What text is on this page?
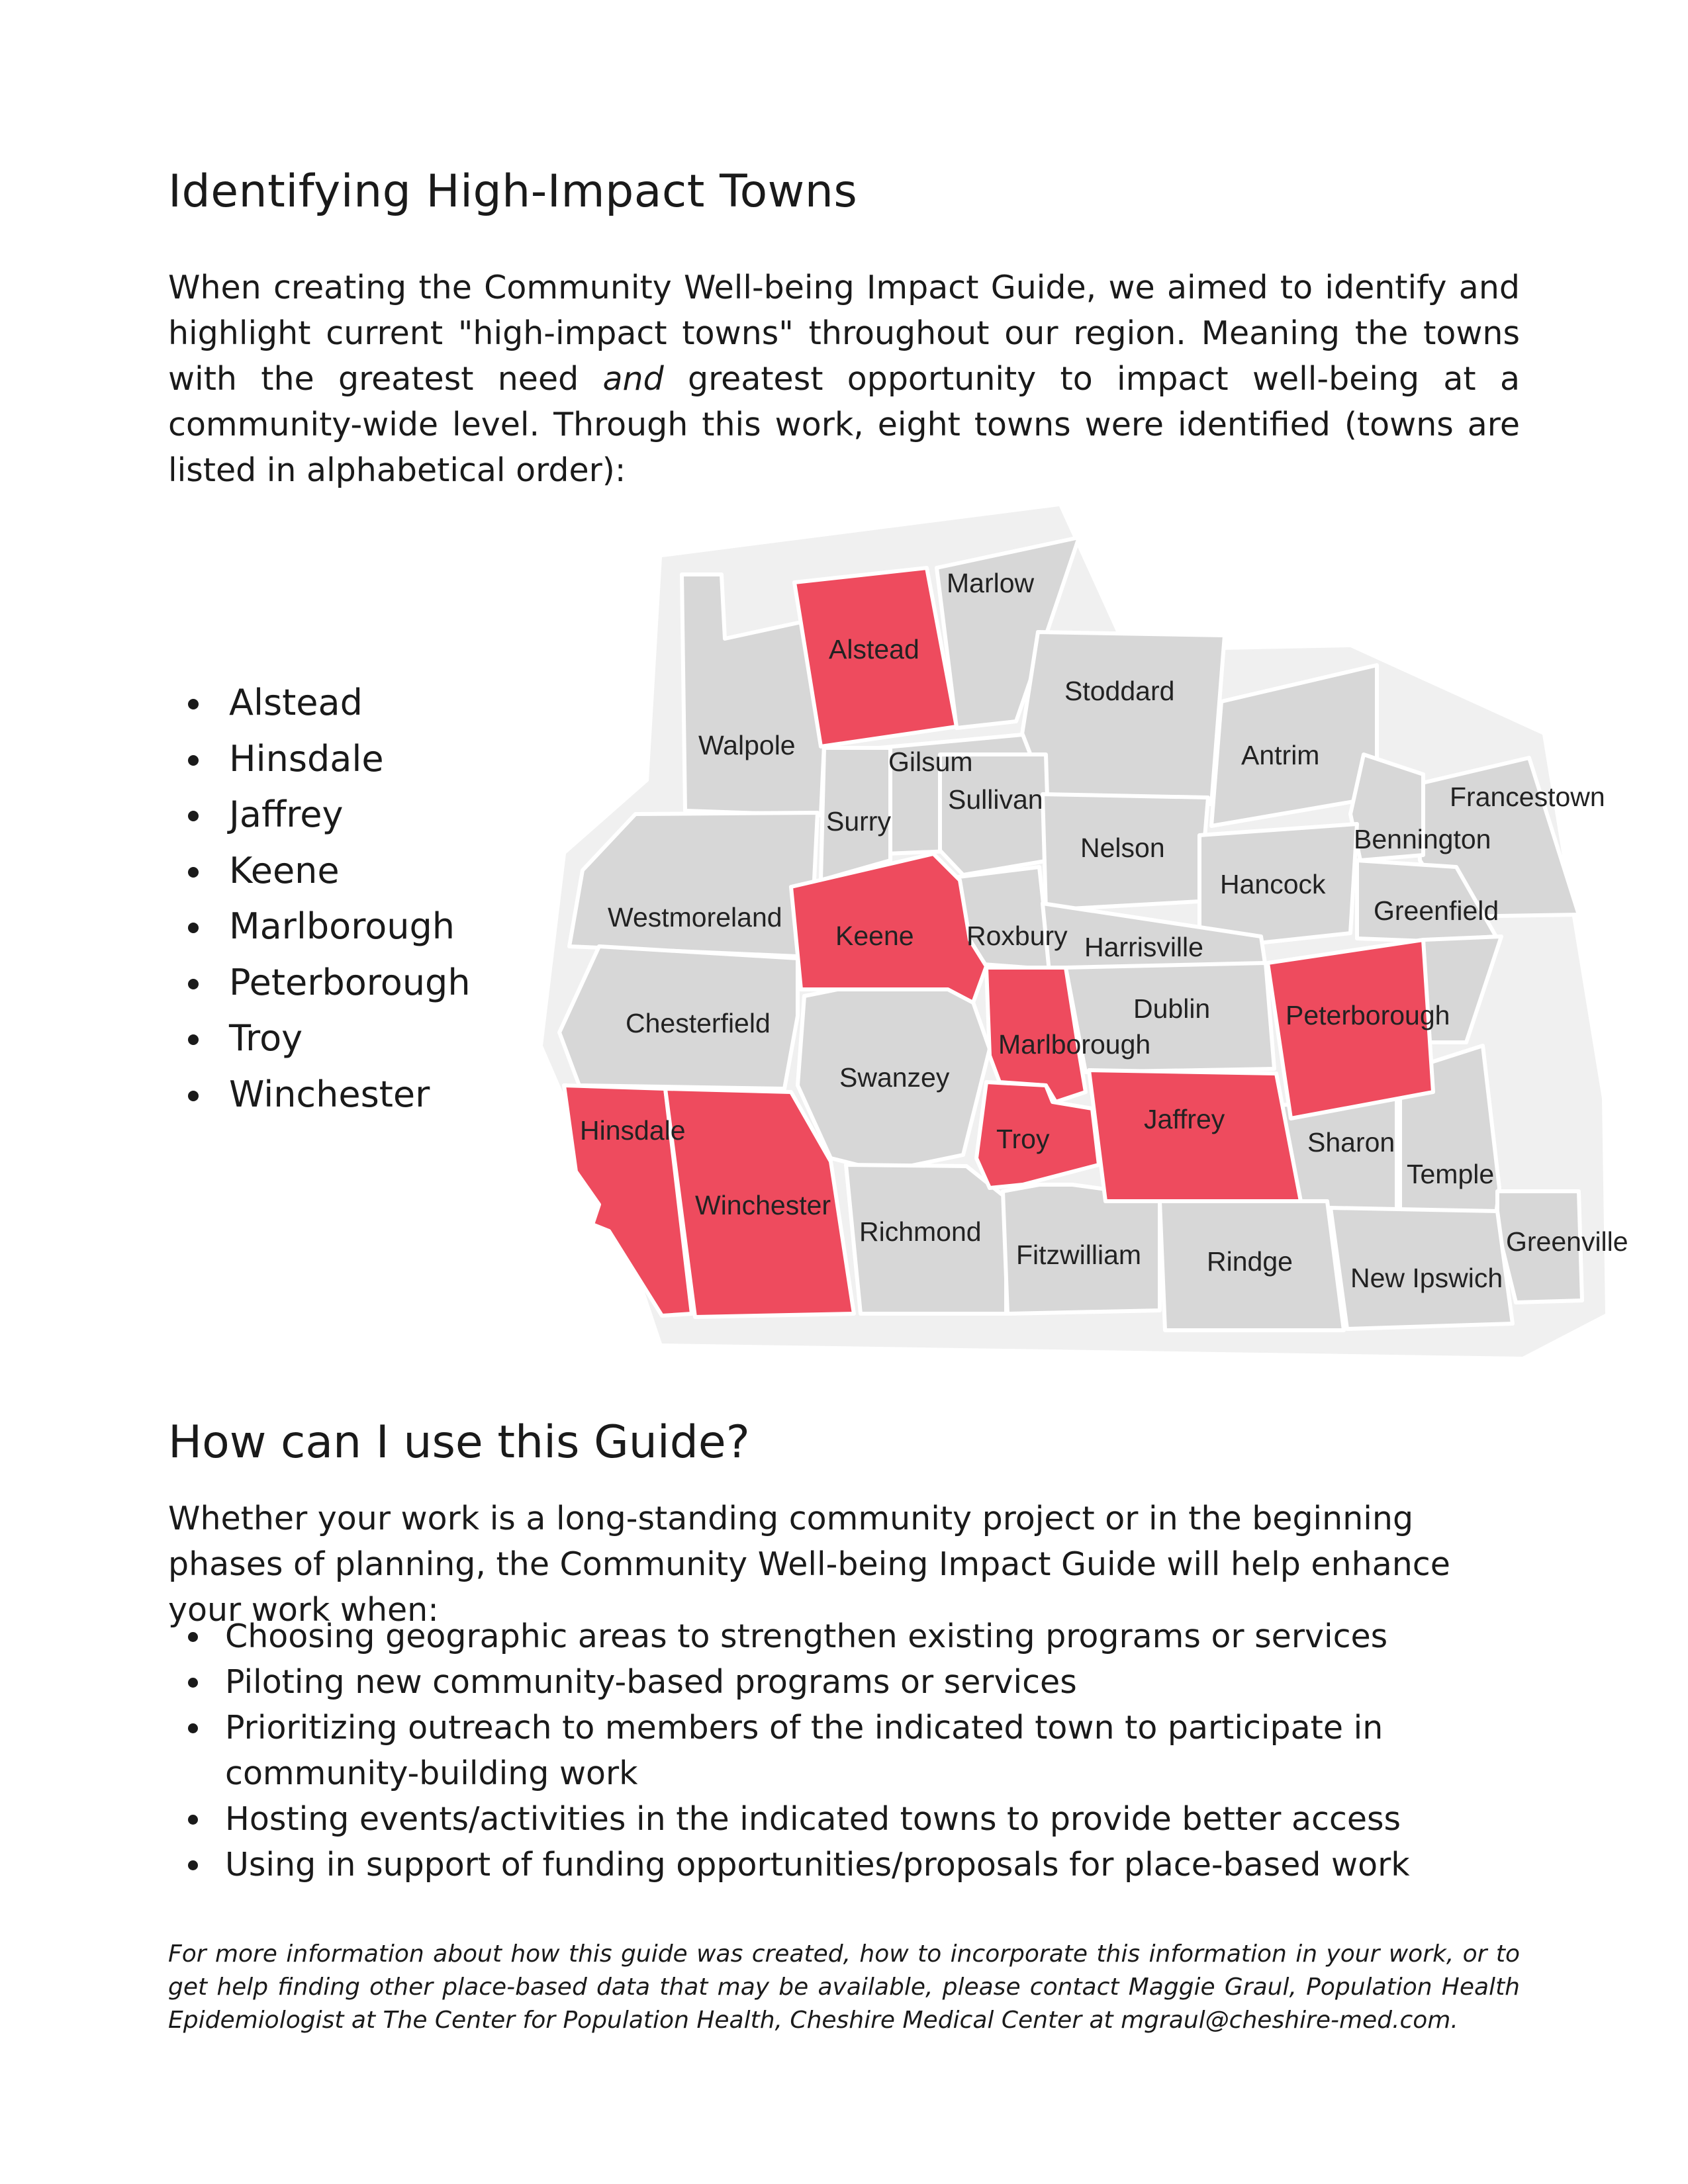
Identifying High-Impact Towns

When creating the Community Well-being Impact Guide, we aimed to identify and highlight current "high-impact towns" throughout our region. Meaning the towns with the greatest need and greatest opportunity to impact well-being at a community-wide level. Through this work, eight towns were identified (towns are listed in alphabetical order):

Alstead
Hinsdale
Jaffrey
Keene
Marlborough
Peterborough
Troy
Winchester
Marlow
Alstead
Stoddard
Walpole
Gilsum	Antrim
Sullivan
Surry
Francestown
Nelson	Bennington
Hancock
Greenfield
Westmoreland
Keene Roxbury Harrisville
Dublin	Peterborough
Chesterfield
Marlborough
Swanzey
Jaffrey
Hinsdale	Troy	Sharon
Temple
Winchester
Richmond	Greenville
Fitzwilliam Rindge
New Ipswich
How can I use this Guide?

Whether your work is a long-standing community project or in the beginning phases of planning, the Community Well-being Impact Guide will help enhance your work when:

Choosing geographic areas to strengthen existing programs or services
Piloting new community-based programs or services
Prioritizing outreach to members of the indicated town to participate in community-building work
Hosting events/activities in the indicated towns to provide better access
Using in support of funding opportunities/proposals for place-based work

For more information about how this guide was created, how to incorporate this information in your work, or to get help finding other place-based data that may be available, please contact Maggie Graul, Population Health Epidemiologist at The Center for Population Health, Cheshire Medical Center at mgraul@cheshire-med.com.
